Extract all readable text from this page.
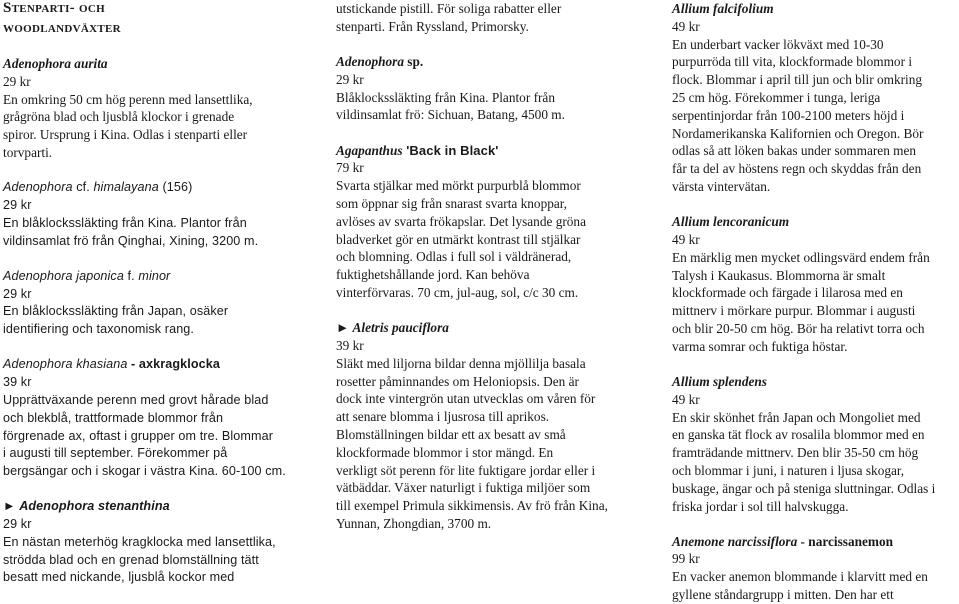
Stenparti- och
woodlandväxter
Adenophora aurita
29 kr
En omkring 50 cm hög perenn med lansettlika,
grågröna blad och ljusblå klockor i grenade
spiror. Ursprung i Kina. Odlas i stenparti eller
torvparti.
Adenophora cf. himalayana (156)
29 kr
En blåklockssläkting från Kina. Plantor från
vildinsamlat frö från Qinghai, Xining, 3200 m.
Adenophora japonica f. minor
29 kr
En blåklockssläkting från Japan, osäker
identifiering och taxonomisk rang.
Adenophora khasiana - axkragklocka
39 kr
Upprättväxande perenn med grovt hårade blad
och blekblå, trattformade blommor från
förgrenade ax, oftast i grupper om tre. Blommar
i augusti till september. Förekommer på
bergsängar och i skogar i västra Kina. 60-100 cm.
► Adenophora stenanthina
29 kr
En nästan meterhög kragklocka med lansettlika,
strödda blad och en grenad blomställning tätt
besatt med nickande, ljusblå kockor med
utstickande pistill. För soliga rabatter eller
stenparti. Från Ryssland, Primorsky.
Adenophora sp.
29 kr
Blåklockssläkting från Kina. Plantor från
vildinsamlat frö: Sichuan, Batang, 4500 m.
Agapanthus 'Back in Black'
79 kr
Svarta stjälkar med mörkt purpurblå blommor
som öppnar sig från snarast svarta knoppar,
avlöses av svarta frökapslar. Det lysande gröna
bladverket gör en utmärkt kontrast till stjälkar
och blomning. Odlas i full sol i väldränerad,
fuktighetshållande jord. Kan behöva
vinterförvaras. 70 cm, jul-aug, sol, c/c 30 cm.
► Aletris pauciflora
39 kr
Släkt med liljorna bildar denna mjöllilja basala
rosetter påminnandes om Heloniopsis. Den är
dock inte vintergrön utan utvecklas om våren för
att senare blomma i ljusrosa till aprikos.
Blomställningen bildar ett ax besatt av små
klockformade blommor i stor mängd. En
verkligt söt perenn för lite fuktigare jordar eller i
vätbäddar. Växer naturligt i fuktiga miljöer som
till exempel Primula sikkimensis. Av frö från Kina,
Yunnan, Zhongdian, 3700 m.
Allium falcifolium
49 kr
En underbart vacker lökväxt med 10-30
purpurröda till vita, klockformade blommor i
flock. Blommar i april till jun och blir omkring
25 cm hög. Förekommer i tunga, leriga
serpentinjordar från 100-2100 meters höjd i
Nordamerikanska Kalifornien och Oregon. Bör
odlas så att löken bakas under sommaren men
får ta del av höstens regn och skyddas från den
värsta vintervätan.
Allium lencoranicum
49 kr
En märklig men mycket odlingsvärd endem från
Talysh i Kaukasus. Blommorna är smalt
klockformade och färgade i lilarosa med en
mittnerv i mörkare purpur. Blommar i augusti
och blir 20-50 cm hög. Bör ha relativt torra och
varma somrar och fuktiga höstar.
Allium splendens
49 kr
En skir skönhet från Japan och Mongoliet med
en ganska tät flock av rosalila blommor med en
framträdande mittnerv. Den blir 35-50 cm hög
och blommar i juni, i naturen i ljusa skogar,
buskage, ängar och på steniga sluttningar. Odlas i
friska jordar i sol till halvskugga.
Anemone narcissiflora - narcissanemon
99 kr
En vacker anemon blommande i klarvitt med en
gyllene ståndargrupp i mitten. Den har ett
